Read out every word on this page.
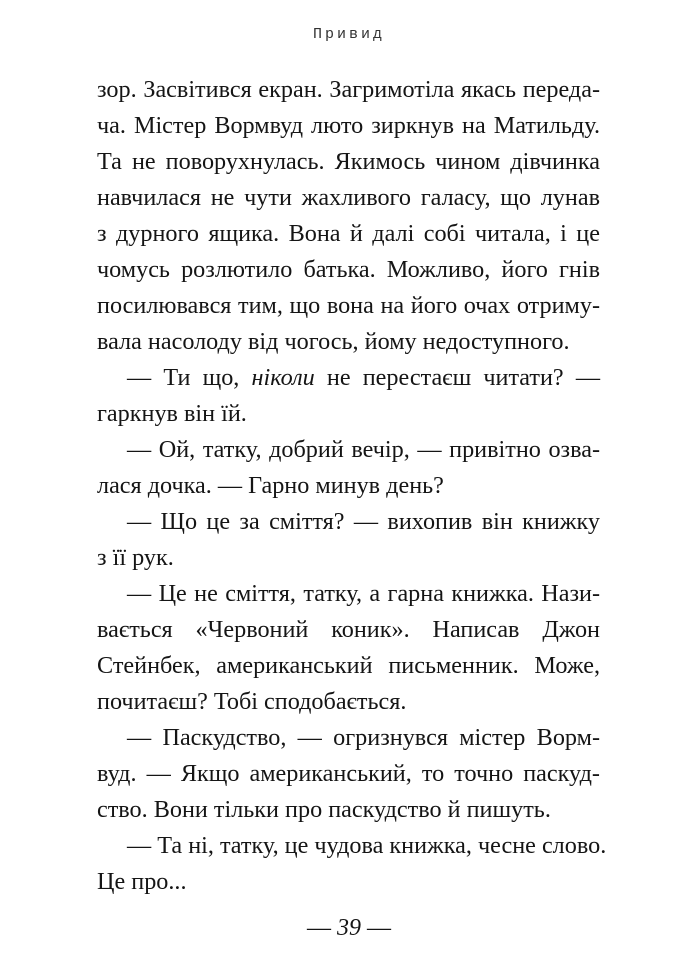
Привид
зор. Засвітився екран. Загримотіла якась переда-
ча. Містер Вормвуд люто зиркнув на Матильду.
Та не поворухнулась. Якимось чином дівчинка
навчилася не чути жахливого галасу, що лунав
з дурного ящика. Вона й далі собі читала, і це
чомусь розлютило батька. Можливо, його гнів
посилювався тим, що вона на його очах отриму-
вала насолоду від чогось, йому недоступного.
— Ти що, ніколи не перестаєш читати? —
гаркнув він їй.
— Ой, татку, добрий вечір, — привітно озва-
лася дочка. — Гарно минув день?
— Що це за сміття? — вихопив він книжку
з її рук.
— Це не сміття, татку, а гарна книжка. Нази-
вається «Червоний коник». Написав Джон
Стейнбек, американський письменник. Може,
почитаєш? Тобі сподобається.
— Паскудство, — огризнувся містер Ворм-
вуд. — Якщо американський, то точно паскуд-
ство. Вони тільки про паскудство й пишуть.
— Та ні, татку, це чудова книжка, чесне слово.
Це про...
— 39 —
